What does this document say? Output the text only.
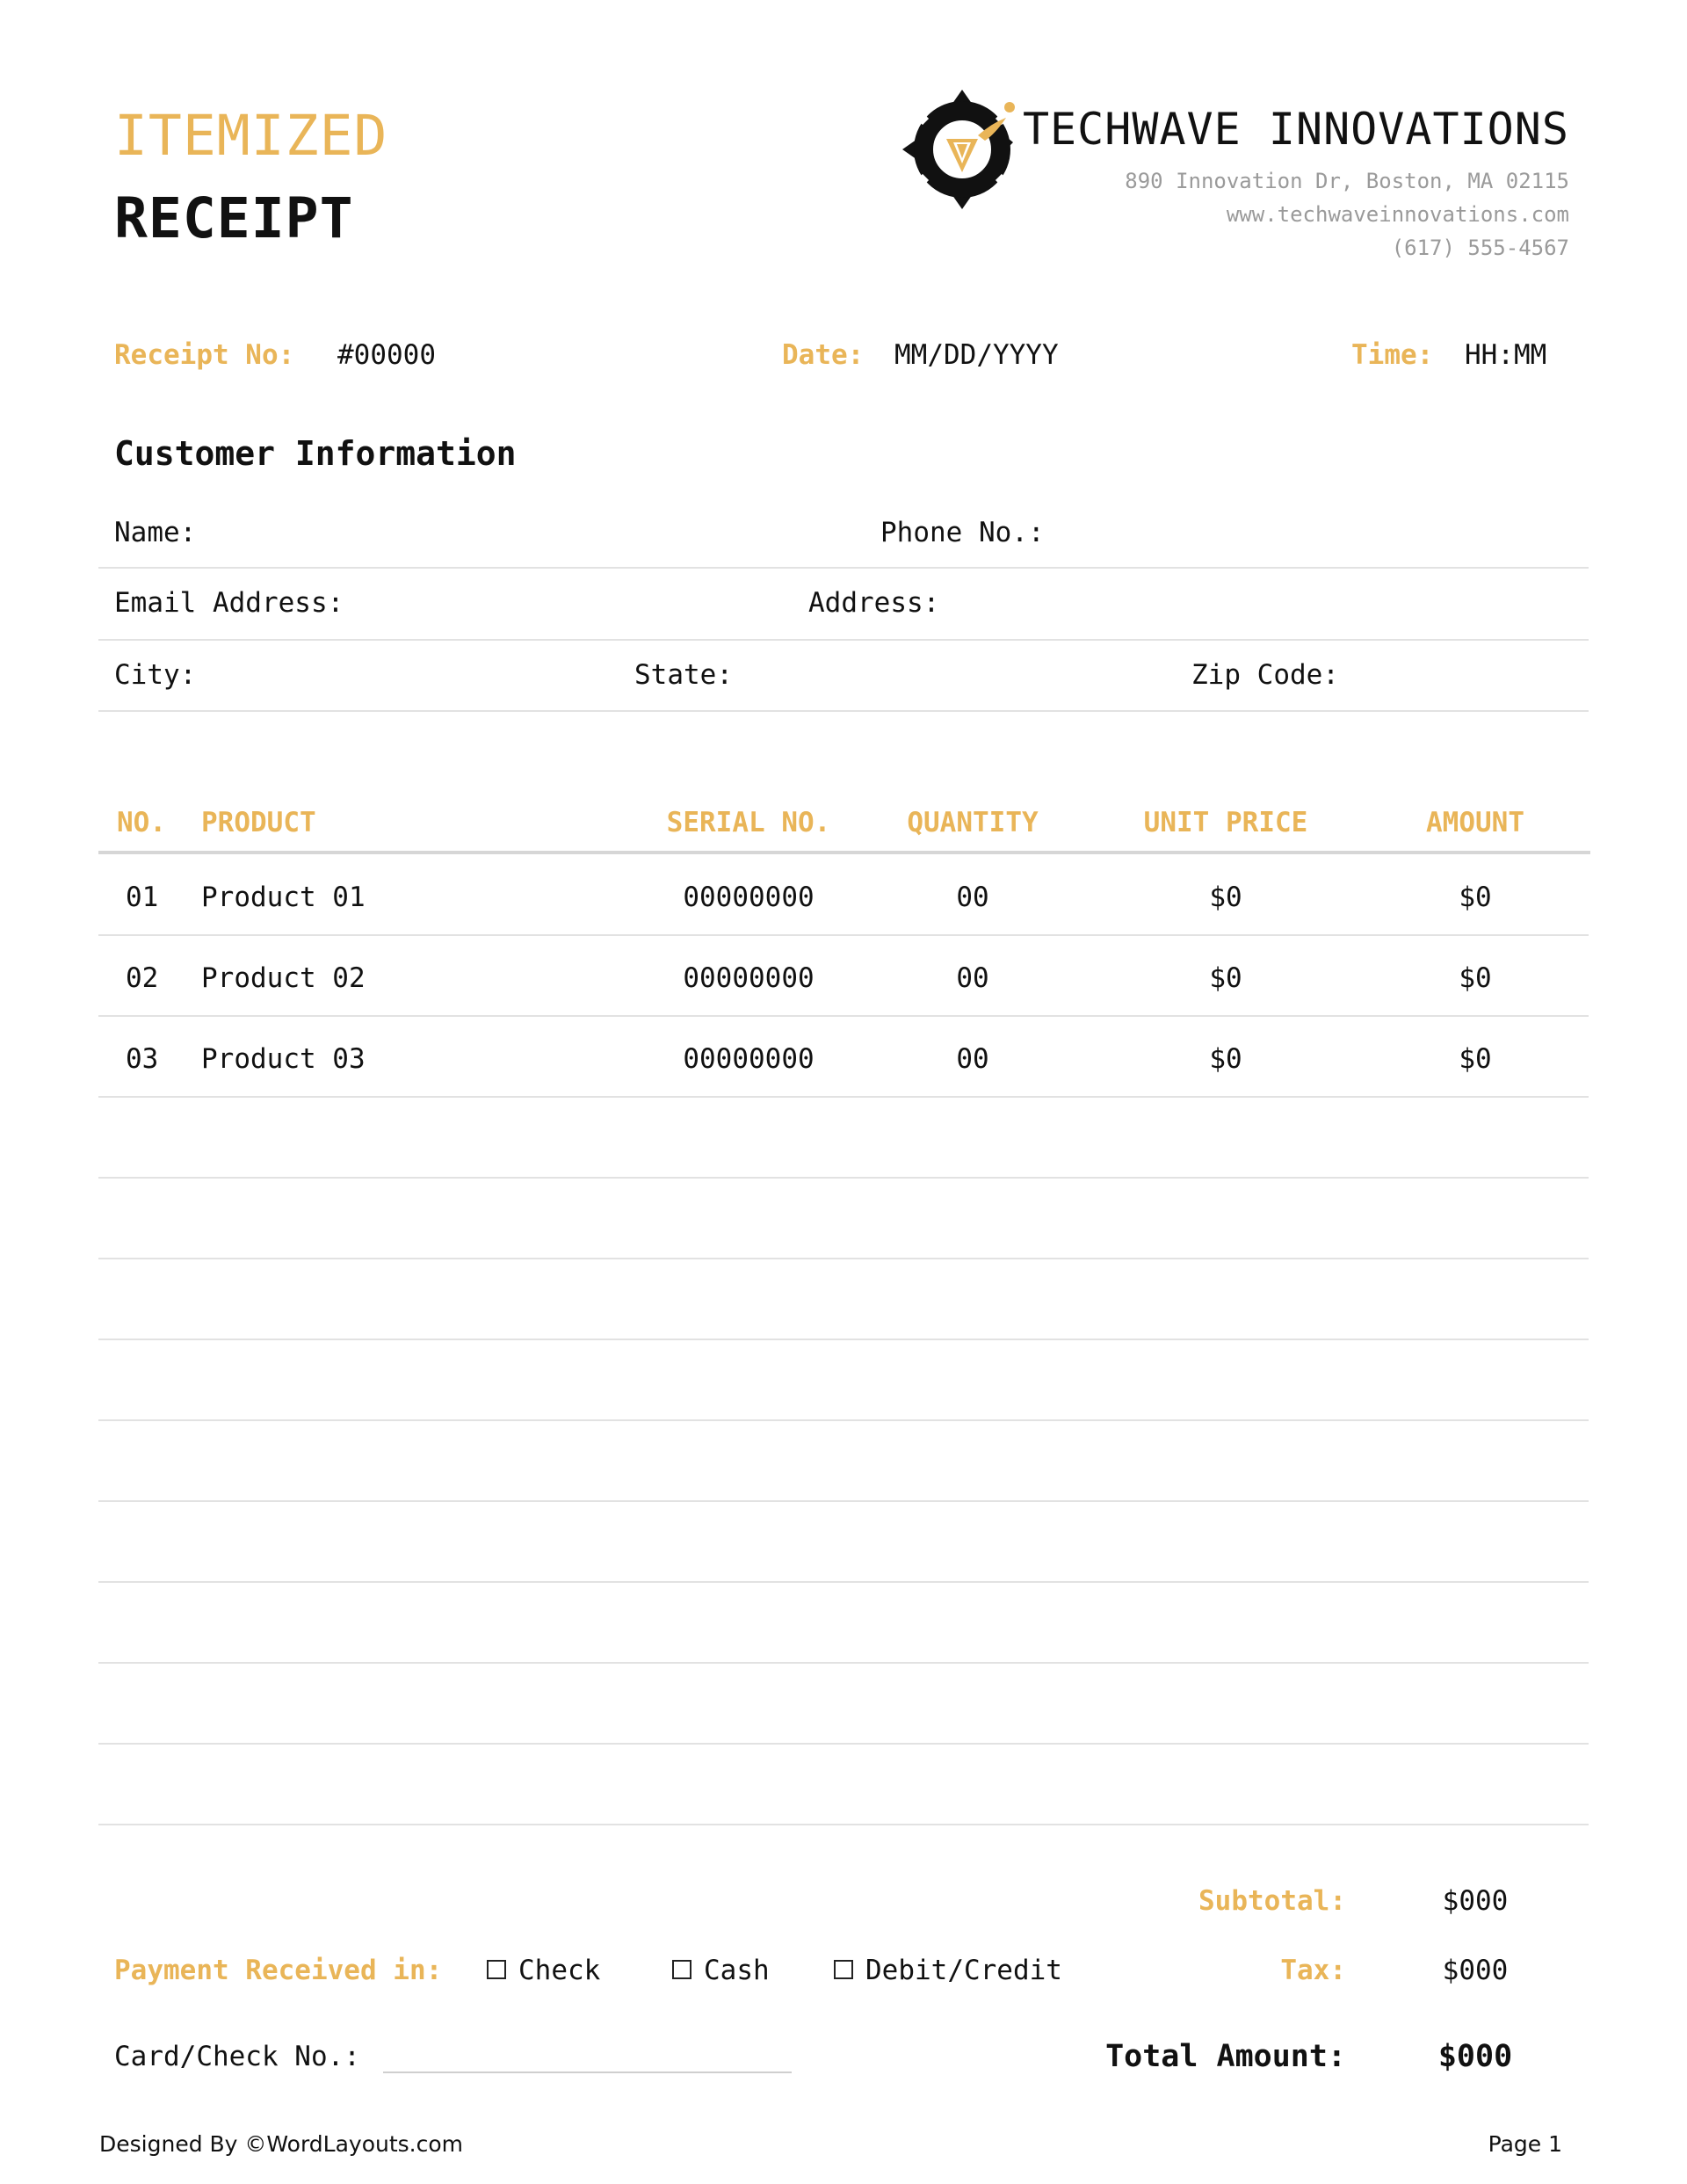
ITEMIZED
RECEIPT
TECHWAVE INNOVATIONS
890 Innovation Dr, Boston, MA 02115
www.techwaveinnovations.com
(617) 555-4567
Receipt No: #00000	Date: MM/DD/YYYY	Time: HH:MM
Customer Information
Name:	Phone No.:
Email Address:	Address:
City:	State:	Zip Code:
NO. PRODUCT	SERIAL NO.	QUANTITY	UNIT PRICE	AMOUNT
01 Product 01	00000000	00	$0	$0
02 Product 02	00000000	00	$0	$0
03 Product 03	00000000	00	$0	$0
Subtotal:	$000
Tax:	$000
Total Amount:	$000
Payment Received in:	Check	Cash	Debit/Credit
Card/Check No.:
Designed By ©WordLayouts.com	Page 1
